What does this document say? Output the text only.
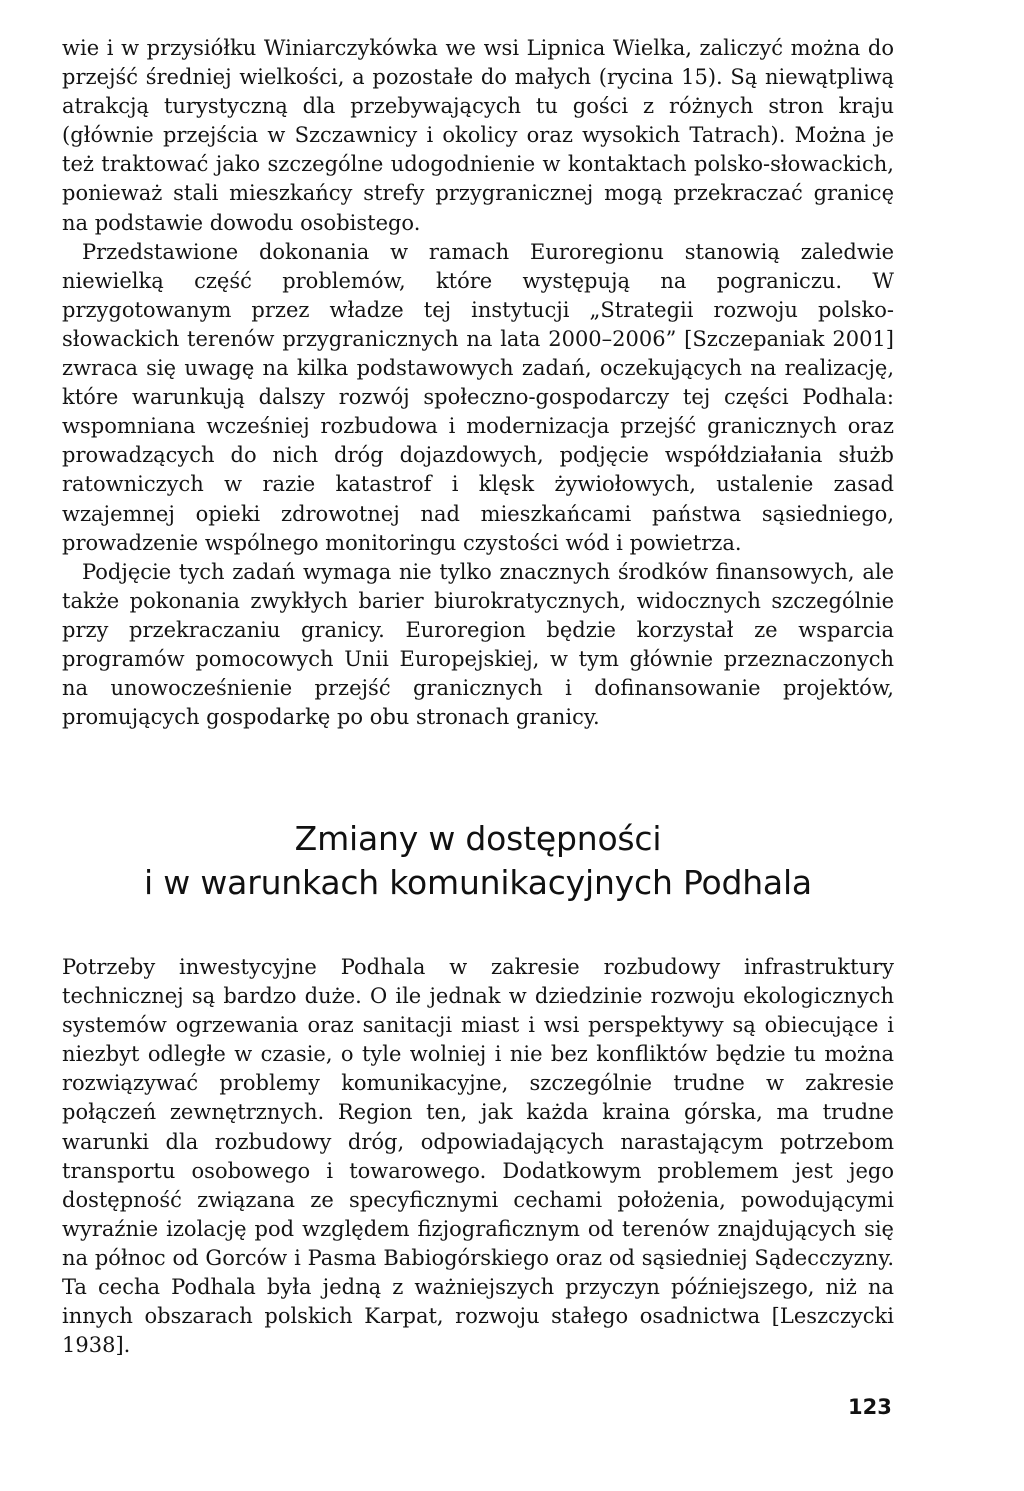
wie i w przysiółku Winiarczykówka we wsi Lipnica Wielka, zaliczyć można do przejść średniej wielkości, a pozostałe do małych (rycina 15). Są niewątpliwą atrakcją turystyczną dla przebywających tu gości z różnych stron kraju (głównie przejścia w Szczawnicy i okolicy oraz wysokich Tatrach). Można je też traktować jako szczególne udogodnienie w kontaktach polsko-słowackich, ponieważ stali mieszkańcy strefy przygranicznej mogą przekraczać granicę na podstawie dowodu osobistego.

Przedstawione dokonania w ramach Euroregionu stanowią zaledwie niewielką część problemów, które występują na pograniczu. W przygotowanym przez władze tej instytucji „Strategii rozwoju polsko-słowackich terenów przygranicznych na lata 2000–2006” [Szczepaniak 2001] zwraca się uwagę na kilka podstawowych zadań, oczekujących na realizację, które warunkują dalszy rozwój społeczno-gospodarczy tej części Podhala: wspomniana wcześniej rozbudowa i modernizacja przejść granicznych oraz prowadzących do nich dróg dojazdowych, podjęcie współdziałania służb ratowniczych w razie katastrof i klęsk żywiołowych, ustalenie zasad wzajemnej opieki zdrowotnej nad mieszkańcami państwa sąsiedniego, prowadzenie wspólnego monitoringu czystości wód i powietrza.

Podjęcie tych zadań wymaga nie tylko znacznych środków finansowych, ale także pokonania zwykłych barier biurokratycznych, widocznych szczególnie przy przekraczaniu granicy. Euroregion będzie korzystał ze wsparcia programów pomocowych Unii Europejskiej, w tym głównie przeznaczonych na unowocześnienie przejść granicznych i dofinansowanie projektów, promujących gospodarkę po obu stronach granicy.

Zmiany w dostępności
i w warunkach komunikacyjnych Podhala

Potrzeby inwestycyjne Podhala w zakresie rozbudowy infrastruktury technicznej są bardzo duże. O ile jednak w dziedzinie rozwoju ekologicznych systemów ogrzewania oraz sanitacji miast i wsi perspektywy są obiecujące i niezbyt odległe w czasie, o tyle wolniej i nie bez konfliktów będzie tu można rozwiązywać problemy komunikacyjne, szczególnie trudne w zakresie połączeń zewnętrznych. Region ten, jak każda kraina górska, ma trudne warunki dla rozbudowy dróg, odpowiadających narastającym potrzebom transportu osobowego i towarowego. Dodatkowym problemem jest jego dostępność związana ze specyficznymi cechami położenia, powodującymi wyraźnie izolację pod względem fizjograficznym od terenów znajdujących się na północ od Gorców i Pasma Babiogórskiego oraz od sąsiedniej Sądecczyzny. Ta cecha Podhala była jedną z ważniejszych przyczyn późniejszego, niż na innych obszarach polskich Karpat, rozwoju stałego osadnictwa [Leszczycki 1938].

123
